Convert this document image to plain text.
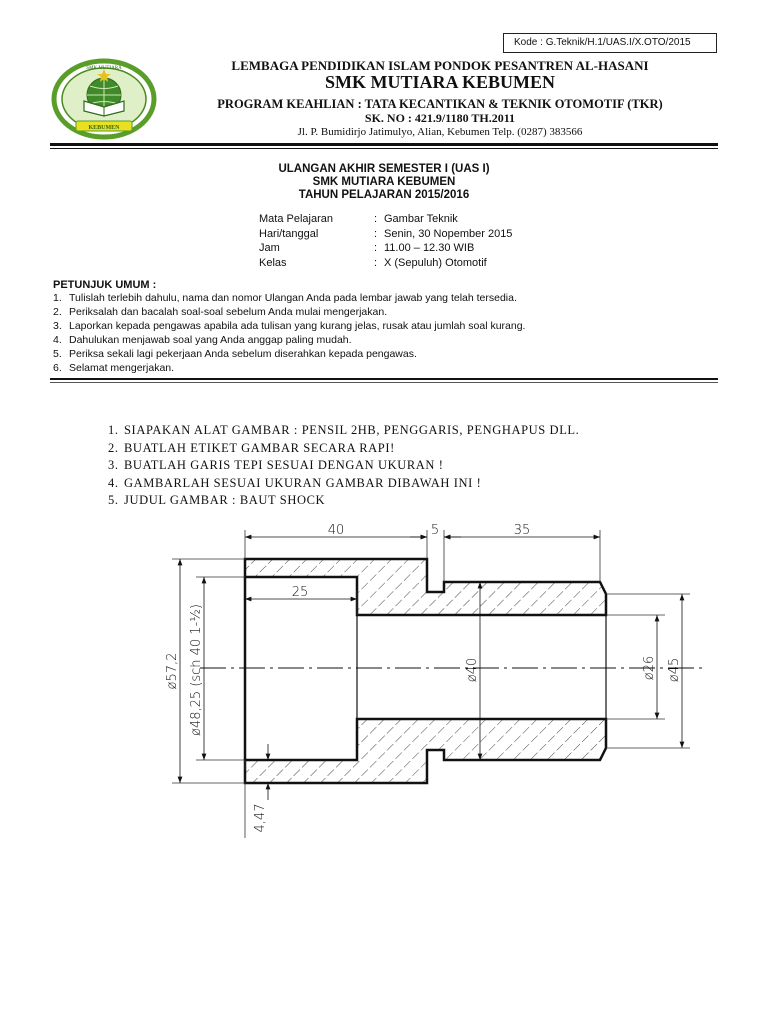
Kode : G.Teknik/H.1/UAS.I/X.OTO/2015
SMK MUTIARA
KEBUMEN
LEMBAGA PENDIDIKAN ISLAM PONDOK PESANTREN AL-HASANI
SMK MUTIARA KEBUMEN
PROGRAM KEAHLIAN : TATA KECANTIKAN & TEKNIK OTOMOTIF (TKR)
SK. NO : 421.9/1180 TH.2011
Jl. P. Bumidirjo Jatimulyo, Alian, Kebumen Telp. (0287) 383566
ULANGAN AKHIR SEMESTER I (UAS I)
SMK MUTIARA KEBUMEN
TAHUN PELAJARAN 2015/2016
Mata Pelajaran	: Gambar Teknik
Hari/tanggal	: Senin, 30 Nopember 2015
Jam	: 11.00 – 12.30 WIB
Kelas	: X (Sepuluh) Otomotif
PETUNJUK UMUM :
1. Tulislah terlebih dahulu, nama dan nomor Ulangan Anda pada lembar jawab yang telah tersedia.
2. Periksalah dan bacalah soal-soal sebelum Anda mulai mengerjakan.
3. Laporkan kepada pengawas apabila ada tulisan yang kurang jelas, rusak atau jumlah soal kurang.
4. Dahulukan menjawab soal yang Anda anggap paling mudah.
5. Periksa sekali lagi pekerjaan Anda sebelum diserahkan kepada pengawas.
6. Selamat mengerjakan.
1. SIAPAKAN ALAT GAMBAR : PENSIL 2HB, PENGGARIS, PENGHAPUS DLL.
2. BUATLAH ETIKET GAMBAR SECARA RAPI!
3. BUATLAH GARIS TEPI SESUAI DENGAN UKURAN !
4. GAMBARLAH SESUAI UKURAN GAMBAR DIBAWAH INI !
5. JUDUL GAMBAR : BAUT SHOCK
40	5	35
25
ø57,2 ø48,25 (sch 40 1-½)	ø40	ø26 ø45
4,47
